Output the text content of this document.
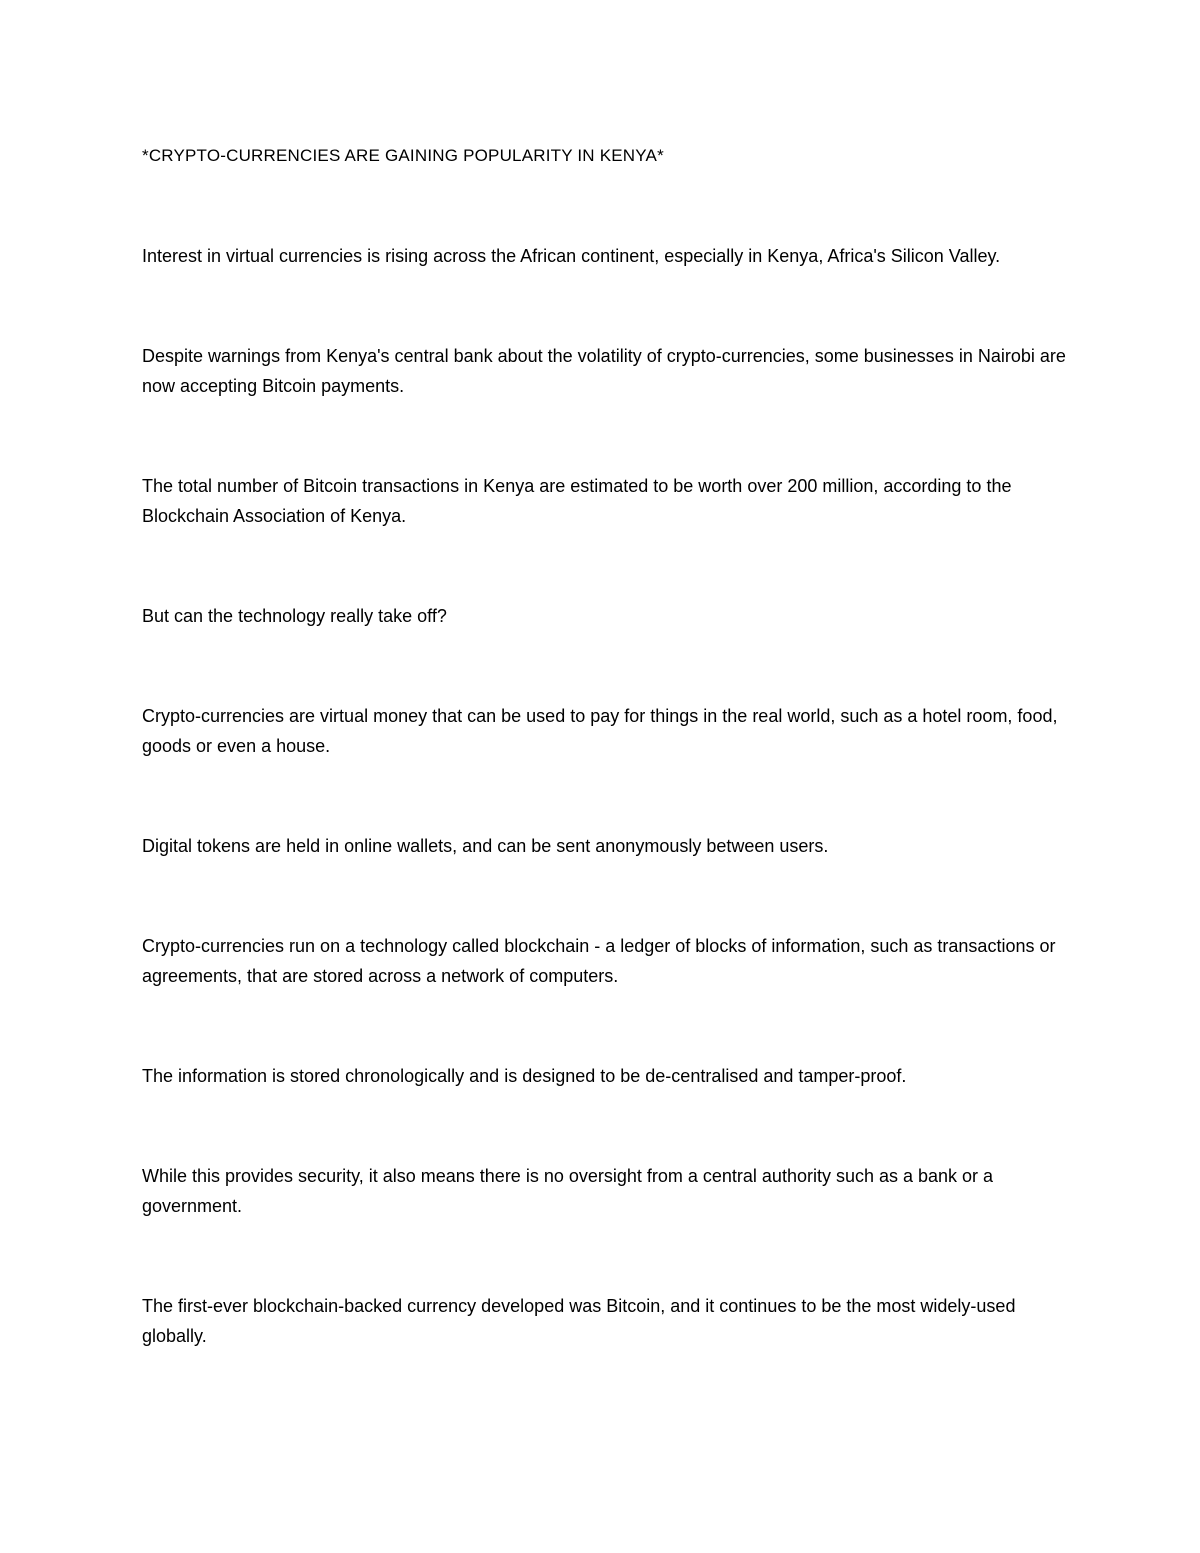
*CRYPTO-CURRENCIES ARE GAINING POPULARITY IN KENYA*

Interest in virtual currencies is rising across the African continent, especially in Kenya, Africa's Silicon Valley.

Despite warnings from Kenya's central bank about the volatility of crypto-currencies, some businesses in Nairobi are now accepting Bitcoin payments.

The total number of Bitcoin transactions in Kenya are estimated to be worth over 200 million, according to the Blockchain Association of Kenya.

But can the technology really take off?

Crypto-currencies are virtual money that can be used to pay for things in the real world, such as a hotel room, food, goods or even a house.

Digital tokens are held in online wallets, and can be sent anonymously between users.

Crypto-currencies run on a technology called blockchain - a ledger of blocks of information, such as transactions or agreements, that are stored across a network of computers.

The information is stored chronologically and is designed to be de-centralised and tamper-proof.

While this provides security, it also means there is no oversight from a central authority such as a bank or a government.

The first-ever blockchain-backed currency developed was Bitcoin, and it continues to be the most widely-used globally.
